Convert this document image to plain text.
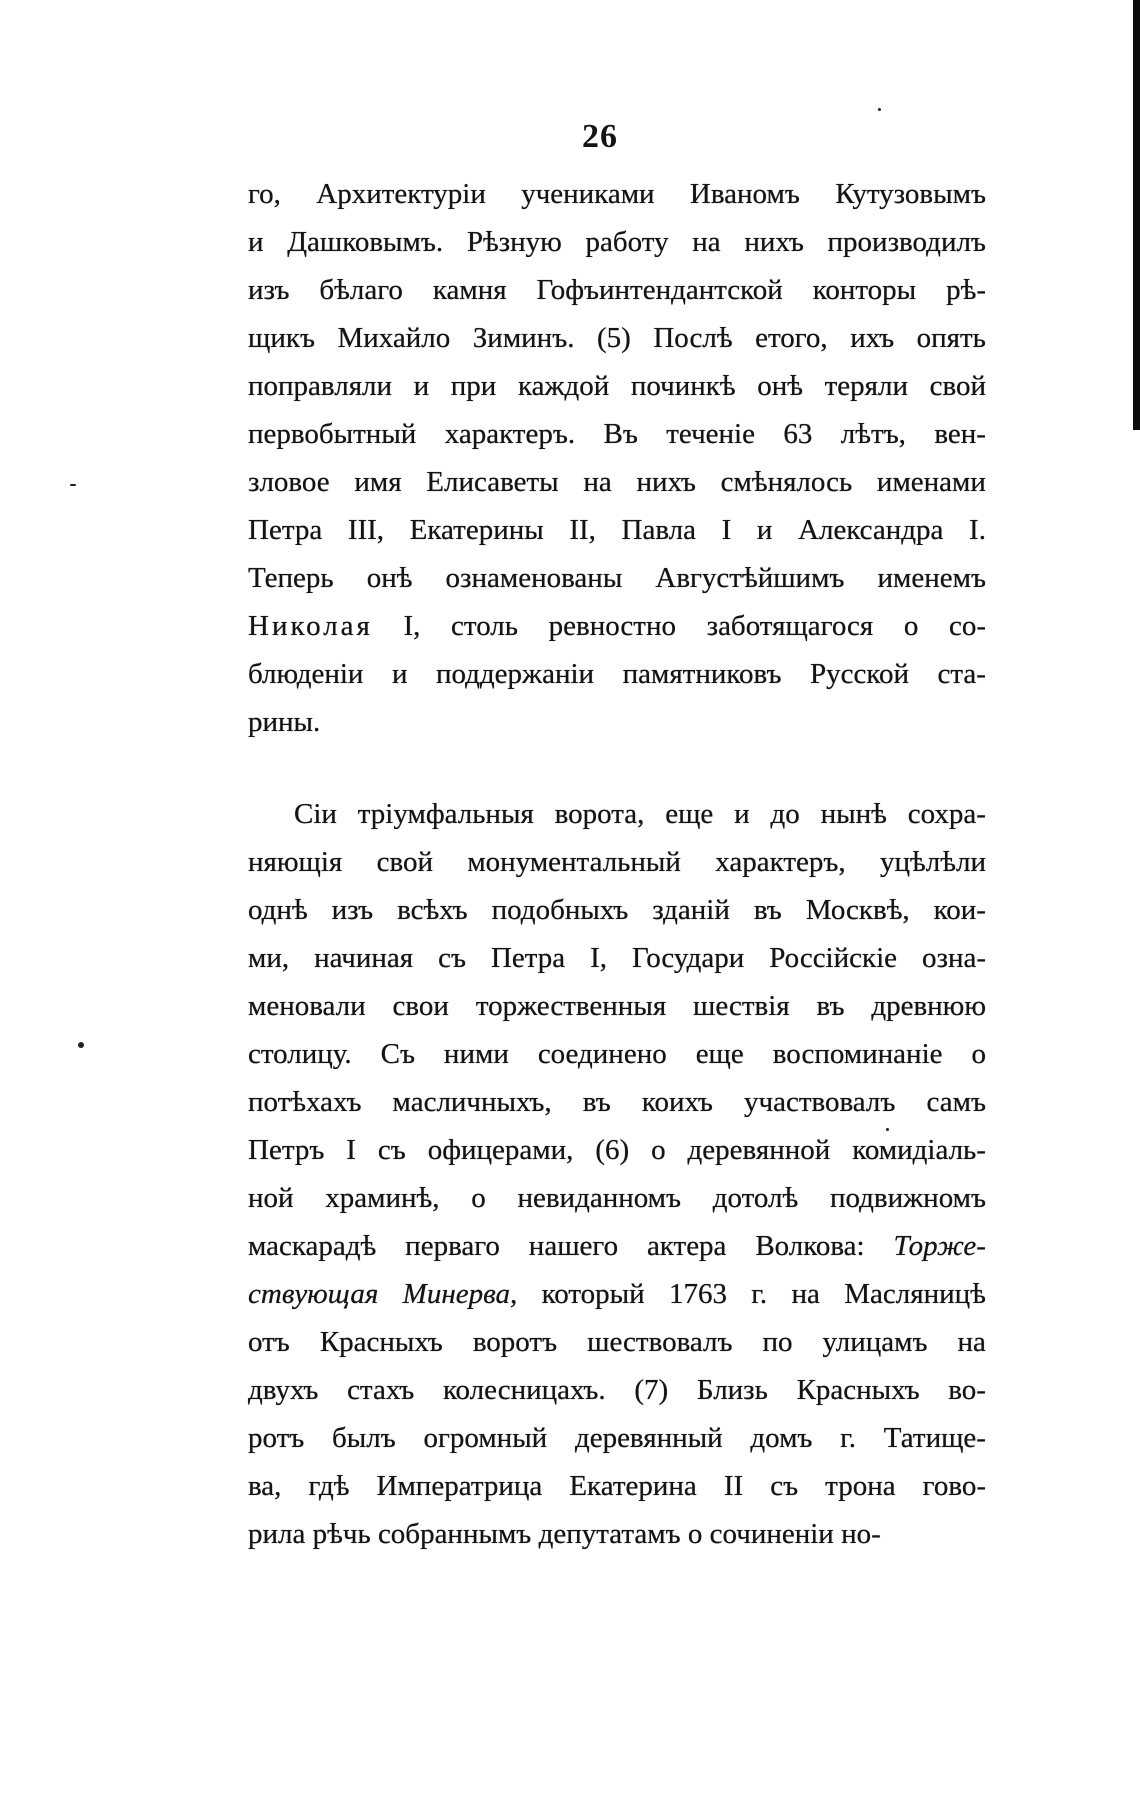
26
го, Архитектуріи учениками Иваномъ Кутузовымъ
и Дашковымъ. Рѣзную работу на нихъ производилъ
изъ бѣлаго камня Гофъинтендантской конторы рѣ-
щикъ Михайло Зиминъ. (5) Послѣ етого, ихъ опять
поправляли и при каждой починкѣ онѣ теряли свой
первобытный характеръ. Въ теченіе 63 лѣтъ, вен-
зловое имя Елисаветы на нихъ смѣнялось именами
Петра III, Екатерины II, Павла I и Александра I.
Теперь онѣ ознаменованы Августѣйшимъ именемъ
Николая I, столь ревностно заботящагося о со-
блюденіи и поддержаніи памятниковъ Русской ста-
рины.
Сіи тріумфальныя ворота, еще и до нынѣ сохра-
няющія свой монументальный характеръ, уцѣлѣли
однѣ изъ всѣхъ подобныхъ зданій въ Москвѣ, кои-
ми, начиная съ Петра I, Государи Россійскіе озна-
меновали свои торжественныя шествія въ древнюю
столицу. Съ ними соединено еще воспоминаніе о
потѣхахъ масличныхъ, въ коихъ участвовалъ самъ
Петръ I съ офицерами, (6) о деревянной комидіаль-
ной храминѣ, о невиданномъ дотолѣ подвижномъ
маскарадѣ перваго нашего актера Волкова: Торже-
ствующая Минерва, который 1763 г. на Масляницѣ
отъ Красныхъ воротъ шествовалъ по улицамъ на
двухъ стахъ колесницахъ. (7) Близь Красныхъ во-
ротъ былъ огромный деревянный домъ г. Татище-
ва, гдѣ Императрица Екатерина II съ трона гово-
рила
рѣчь
собраннымъ
депутатамъ
о
сочиненіи
но-
